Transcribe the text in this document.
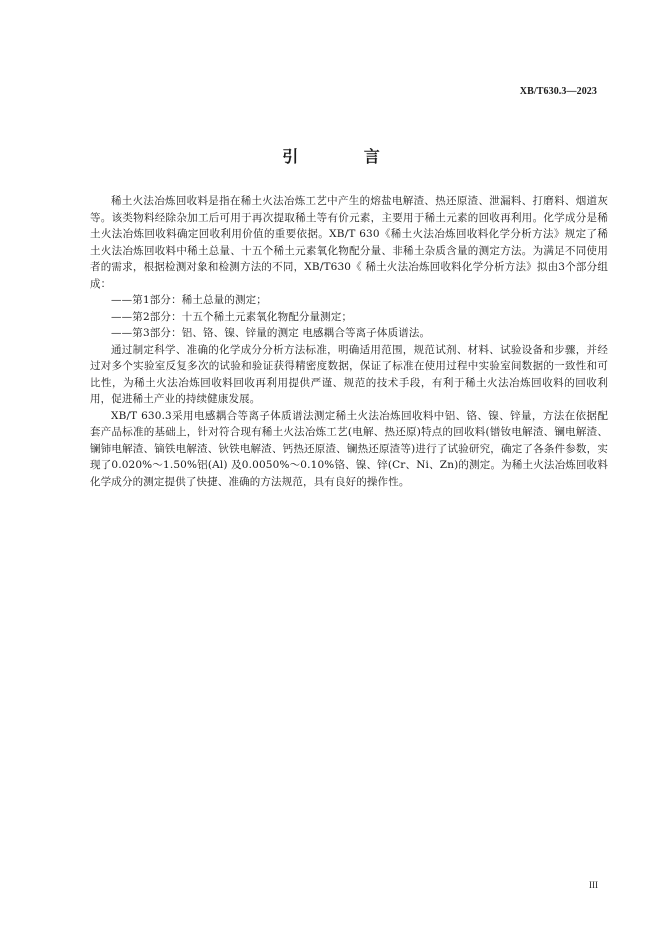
XB/T630.3—2023
引 言

稀土火法冶炼回收料是指在稀土火法冶炼工艺中产生的熔盐电解渣、热还原渣、泄漏料、打磨料、烟道灰等。该类物料经除杂加工后可用于再次提取稀土等有价元素，主要用于稀土元素的回收再利用。化学成分是稀土火法冶炼回收料确定回收利用价值的重要依据。XB/T 630《稀土火法冶炼回收料化学分析方法》规定了稀土火法冶炼回收料中稀土总量、十五个稀土元素氧化物配分量、非稀土杂质含量的测定方法。为满足不同使用者的需求，根据检测对象和检测方法的不同，XB/T630《 稀土火法冶炼回收料化学分析方法》拟由3个部分组成：

——第1部分：稀土总量的测定；

——第2部分：十五个稀土元素氧化物配分量测定；

——第3部分：铝、铬、镍、锌量的测定 电感耦合等离子体质谱法。

通过制定科学、准确的化学成分分析方法标准，明确适用范围，规范试剂、材料、试验设备和步骤，并经过对多个实验室反复多次的试验和验证获得精密度数据，保证了标准在使用过程中实验室间数据的一致性和可比性，为稀土火法冶炼回收料回收再利用提供严谨、规范的技术手段，有利于稀土火法冶炼回收料的回收利用，促进稀土产业的持续健康发展。

XB/T 630.3采用电感耦合等离子体质谱法测定稀土火法冶炼回收料中铝、铬、镍、锌量，方法在依据配套产品标准的基础上，针对符合现有稀土火法冶炼工艺(电解、热还原)特点的回收料(镨钕电解渣、镧电解渣、镧铈电解渣、镝铁电解渣、钬铁电解渣、钙热还原渣、镧热还原渣等)进行了试验研究，确定了各条件参数，实现了0.020%～1.50%铝(Al) 及0.0050%～0.10%铬、镍、锌(Cr、Ni、Zn)的测定。为稀土火法冶炼回收料化学成分的测定提供了快捷、准确的方法规范，具有良好的操作性。

III
